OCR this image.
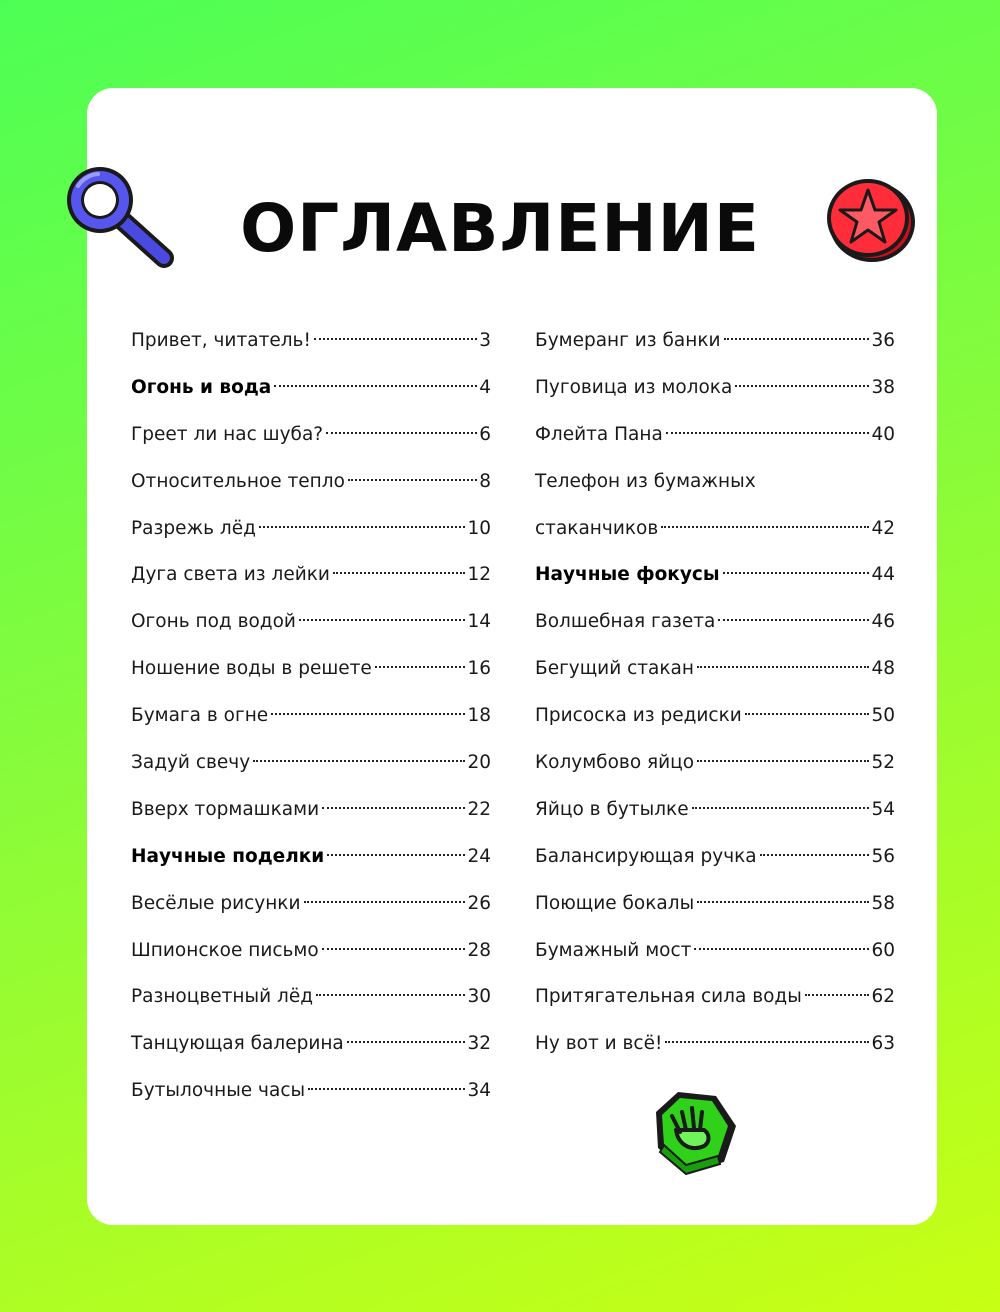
ОГЛАВЛЕНИЕ
Привет, читатель!	3
Огонь и вода	4
Греет ли нас шуба?	6
Относительное тепло	8
Разрежь лёд	10
Дуга света из лейки	12
Огонь под водой	14
Ношение воды в решете	16
Бумага в огне	18
Задуй свечу	20
Вверх тормашками	22
Научные поделки	24
Весёлые рисунки	26
Шпионское письмо	28
Разноцветный лёд	30
Танцующая балерина	32
Бутылочные часы	34
Бумеранг из банки	36
Пуговица из молока	38
Флейта Пана	40
Телефон из бумажных
стаканчиков	42
Научные фокусы	44
Волшебная газета	46
Бегущий стакан	48
Присоска из редиски	50
Колумбово яйцо	52
Яйцо в бутылке	54
Балансирующая ручка	56
Поющие бокалы	58
Бумажный мост	60
Притягательная сила воды	62
Ну вот и всё!	63
